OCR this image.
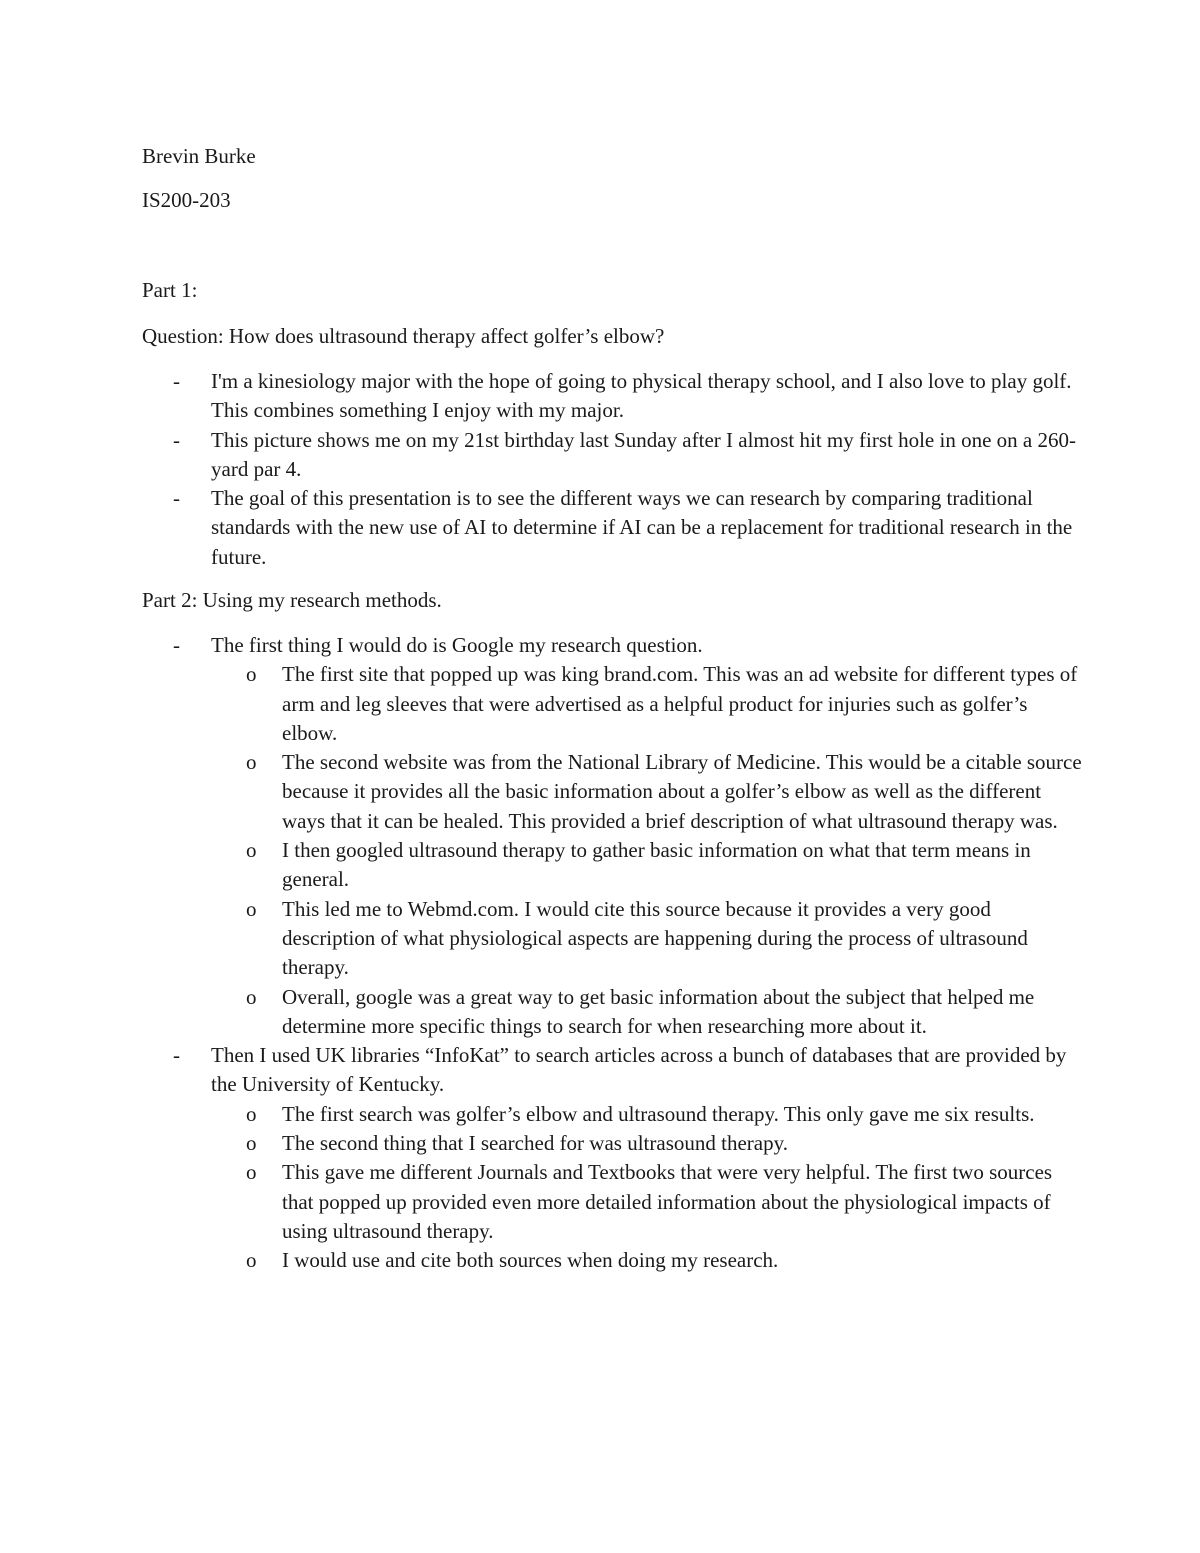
Brevin Burke
IS200-203
Part 1:
Question: How does ultrasound therapy affect golfer’s elbow?
- I'm a kinesiology major with the hope of going to physical therapy school, and I also love to play golf. This combines something I enjoy with my major.
- This picture shows me on my 21st birthday last Sunday after I almost hit my first hole in one on a 260-yard par 4.
- The goal of this presentation is to see the different ways we can research by comparing traditional standards with the new use of AI to determine if AI can be a replacement for traditional research in the future.
Part 2: Using my research methods.
- The first thing I would do is Google my research question.
o The first site that popped up was king brand.com. This was an ad website for different types of arm and leg sleeves that were advertised as a helpful product for injuries such as golfer’s elbow.
o The second website was from the National Library of Medicine. This would be a citable source because it provides all the basic information about a golfer’s elbow as well as the different ways that it can be healed. This provided a brief description of what ultrasound therapy was.
o I then googled ultrasound therapy to gather basic information on what that term means in general.
o This led me to Webmd.com. I would cite this source because it provides a very good description of what physiological aspects are happening during the process of ultrasound therapy.
o Overall, google was a great way to get basic information about the subject that helped me determine more specific things to search for when researching more about it.
- Then I used UK libraries “InfoKat” to search articles across a bunch of databases that are provided by the University of Kentucky.
o The first search was golfer’s elbow and ultrasound therapy. This only gave me six results.
o The second thing that I searched for was ultrasound therapy.
o This gave me different Journals and Textbooks that were very helpful. The first two sources that popped up provided even more detailed information about the physiological impacts of using ultrasound therapy.
o I would use and cite both sources when doing my research.
